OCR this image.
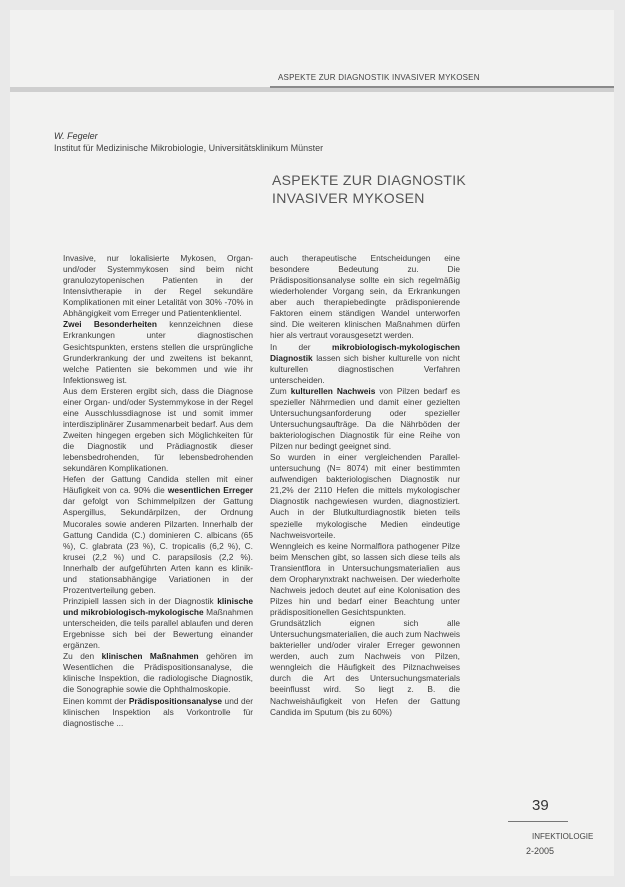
ASPEKTE ZUR DIAGNOSTIK INVASIVER MYKOSEN
W. Fegeler
Institut für Medizinische Mikrobiologie, Universitätsklinikum Münster
ASPEKTE ZUR DIAGNOSTIK INVASIVER MYKOSEN

Invasive, nur lokalisierte Mykosen, Organ- und/oder Systemmykosen sind beim nicht granulozytopenischen Patienten in der Intensivtherapie in der Regel sekundäre Komplikationen mit einer Letalität von 30% -70% in Abhängigkeit vom Erreger und Patientenklientel.

Zwei Besonderheiten kennzeichnen diese Erkrankungen unter diagnostischen Gesichtspunkten, erstens stellen die ursprüngliche Grunderkrankung der und zweitens ist bekannt, welche Patienten sie bekommen und wie ihr Infektionsweg ist.

Aus dem Ersteren ergibt sich, dass die Diagnose einer Organ- und/oder Systemmykose in der Regel eine Ausschlussdiagnose ist und somit immer interdisziplinärer Zusammenarbeit bedarf. Aus dem Zweiten hingegen ergeben sich Möglichkeiten für die Diagnostik und Prädiagnostik dieser lebensbedrohenden, für lebensbedrohenden sekundären Komplikationen.

Hefen der Gattung Candida stellen mit einer Häufigkeit von ca. 90% die wesentlichen Erreger dar gefolgt von Schimmelpilzen der Gattung Aspergillus, Sekundärpilzen, der Ordnung Mucorales sowie anderen Pilzarten. Innerhalb der Gattung Candida (C.) dominieren C. albicans (65 %), C. glabrata (23 %), C. tropicalis (6,2 %), C. krusei (2,2 %) und C. parapsilosis (2,2 %). Innerhalb der aufgeführten Arten kann es klinik- und stationsabhängige Variationen in der Prozentverteilung geben.

Prinzipiell lassen sich in der Diagnostik klinische und mikrobiologisch-mykologische Maßnahmen unterscheiden, die teils parallel ablaufen und deren Ergebnisse sich bei der Bewertung einander ergänzen.

Zu den klinischen Maßnahmen gehören im Wesentlichen die Prädispositionsanalyse, die klinische Inspektion, die radiologische Diagnostik, die Sonographie sowie die Ophthalmoskopie.

Einen kommt der Prädispositionsanalyse und der klinischen Inspektion als Vorkontrolle für diagnostische ...

auch therapeutische Entscheidungen eine besondere Bedeutung zu. Die Prädispositionsanalyse sollte ein sich regelmäßig wiederholender Vorgang sein, da Erkrankungen aber auch therapiebedingte prädisponierende Faktoren einem ständigen Wandel unterworfen sind. Die weiteren klinischen Maßnahmen dürfen hier als vertraut vorausgesetzt werden.

In der mikrobiologisch-mykologischen Diagnostik lassen sich bisher kulturelle von nicht kulturellen diagnostischen Verfahren unterscheiden.

Zum kulturellen Nachweis von Pilzen bedarf es spezieller Nährmedien und damit einer gezielten Untersuchungsanforderung oder spezieller Untersuchungsaufträge. Da die Nährböden der bakteriologischen Diagnostik für eine Reihe von Pilzen nur bedingt geeignet sind.

So wurden in einer vergleichenden Parallel-untersuchung (N= 8074) mit einer bestimmten aufwendigen bakteriologischen Diagnostik nur 21,2% der 2110 Hefen die mittels mykologischer Diagnostik nachgewiesen wurden, diagnostiziert. Auch in der Blutkulturdiagnostik bieten teils spezielle mykologische Medien eindeutige Nachweisvorteile.

Wenngleich es keine Normalflora pathogener Pilze beim Menschen gibt, so lassen sich diese teils als Transientflora in Untersuchungsmaterialien aus dem Oropharynxtrakt nachweisen. Der wiederholte Nachweis jedoch deutet auf eine Kolonisation des Pilzes hin und bedarf einer Beachtung unter prädispositionellen Gesichtspunkten.

Grundsätzlich eignen sich alle Untersuchungsmaterialien, die auch zum Nachweis bakterieller und/oder viraler Erreger gewonnen werden, auch zum Nachweis von Pilzen, wenngleich die Häufigkeit des Pilznachweises durch die Art des Untersuchungsmaterials beeinflusst wird. So liegt z. B. die Nachweishäufigkeit von Hefen der Gattung Candida im Sputum (bis zu 60%)

39
INFEKTIOLOGIE
2-2005
